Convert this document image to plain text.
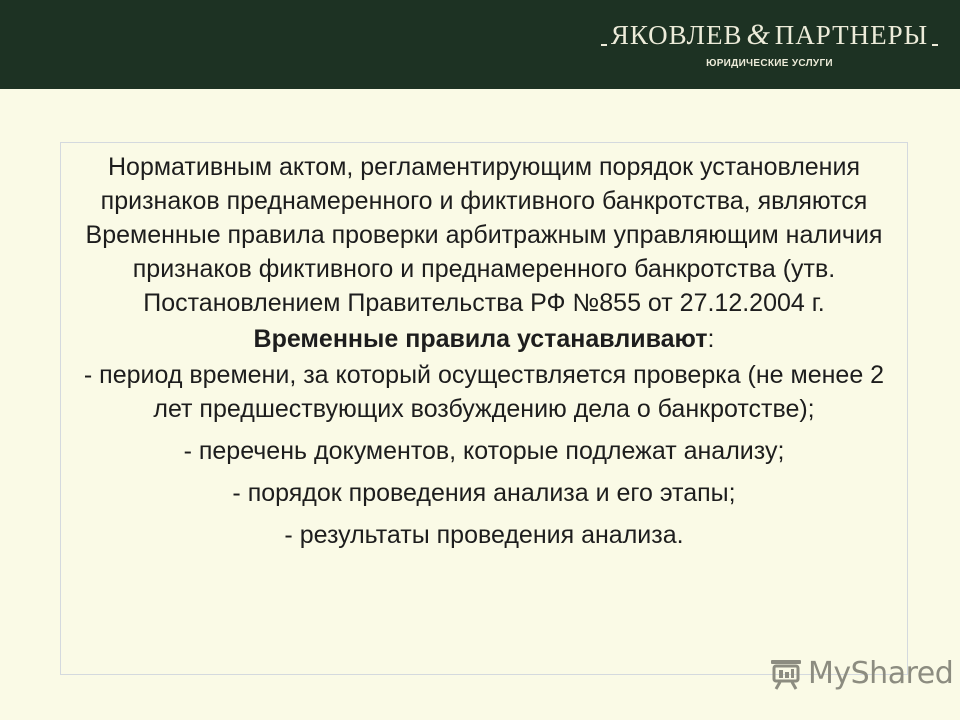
ЯКОВЛЕВ & ПАРТНЕРЫ
ЮРИДИЧЕСКИЕ УСЛУГИ

Нормативным актом, регламентирующим порядок установления признаков преднамеренного и фиктивного банкротства, являются Временные правила проверки арбитражным управляющим наличия признаков фиктивного и преднамеренного банкротства (утв. Постановлением Правительства РФ №855 от 27.12.2004 г.

Временные правила устанавливают:

- период времени, за который осуществляется проверка (не менее 2 лет предшествующих возбуждению дела о банкротстве);

- перечень документов, которые подлежат анализу;

- порядок проведения анализа и его этапы;

- результаты проведения анализа.

MyShared
